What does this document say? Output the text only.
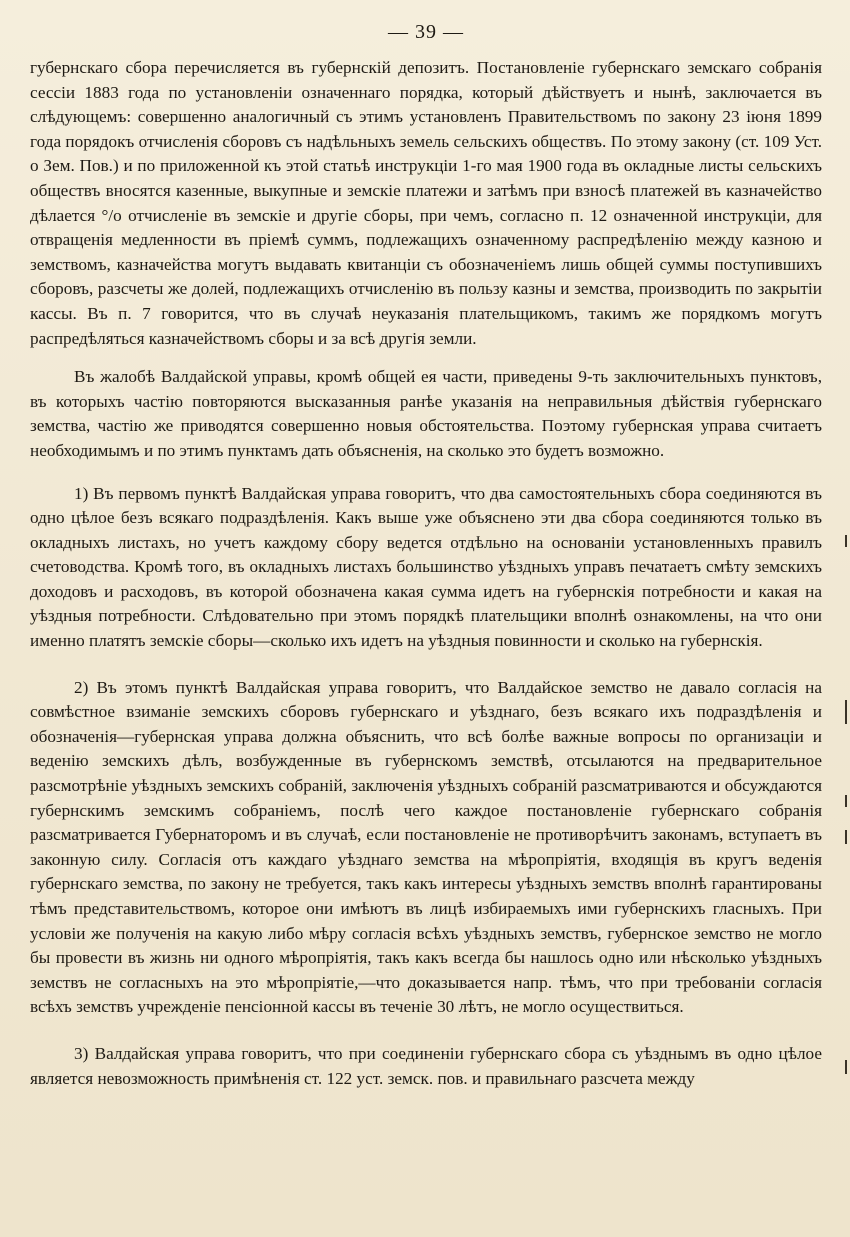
— 39 —

губернскаго сбора перечисляется въ губернскій депозитъ. Постановленіе губернскаго земскаго собранія сессіи 1883 года по установленіи означеннаго порядка, который дѣйствуетъ и нынѣ, заключается въ слѣдующемъ: совершенно аналогичный съ этимъ установленъ Правительствомъ по закону 23 іюня 1899 года порядокъ отчисленія сборовъ съ надѣльныхъ земель сельскихъ обществъ. По этому закону (ст. 109 Уст. о Зем. Пов.) и по приложенной къ этой статьѣ инструкціи 1-го мая 1900 года въ окладные листы сельскихъ обществъ вносятся казенные, выкупные и земскіе платежи и затѣмъ при взносѣ платежей въ казначейство дѣлается °/o отчисленіе въ земскіе и другіе сборы, при чемъ, согласно п. 12 означенной инструкціи, для отвращенія медленности въ пріемѣ суммъ, подлежащихъ означенному распредѣленію между казною и земствомъ, казначейства могутъ выдавать квитанціи съ обозначеніемъ лишь общей суммы поступившихъ сборовъ, разсчеты же долей, подлежащихъ отчисленію въ пользу казны и земства, производить по закрытіи кассы. Въ п. 7 говорится, что въ случаѣ неуказанія плательщикомъ, такимъ же порядкомъ могутъ распредѣляться казначействомъ сборы и за всѣ другія земли.

Въ жалобѣ Валдайской управы, кромѣ общей ея части, приведены 9-ть заключительныхъ пунктовъ, въ которыхъ частію повторяются высказанныя ранѣе указанія на неправильныя дѣйствія губернскаго земства, частію же приводятся совершенно новыя обстоятельства. Поэтому губернская управа считаетъ необходимымъ и по этимъ пунктамъ дать объясненія, на сколько это будетъ возможно.

1) Въ первомъ пунктѣ Валдайская управа говоритъ, что два самостоятельныхъ сбора соединяются въ одно цѣлое безъ всякаго подраздѣленія. Какъ выше уже объяснено эти два сбора соединяются только въ окладныхъ листахъ, но учетъ каждому сбору ведется отдѣльно на основаніи установленныхъ правилъ счетоводства. Кромѣ того, въ окладныхъ листахъ большинство уѣздныхъ управъ печатаетъ смѣту земскихъ доходовъ и расходовъ, въ которой обозначена какая сумма идетъ на губернскія потребности и какая на уѣздныя потребности. Слѣдовательно при этомъ порядкѣ плательщики вполнѣ ознакомлены, на что они именно платятъ земскіе сборы—сколько ихъ идетъ на уѣздныя повинности и сколько на губернскія.

2) Въ этомъ пунктѣ Валдайская управа говоритъ, что Валдайское земство не давало согласія на совмѣстное взиманіе земскихъ сборовъ губернскаго и уѣзднаго, безъ всякаго ихъ подраздѣленія и обозначенія—губернская управа должна объяснить, что всѣ болѣе важные вопросы по организаціи и веденію земскихъ дѣлъ, возбужденные въ губернскомъ земствѣ, отсылаются на предварительное разсмотрѣніе уѣздныхъ земскихъ собраній, заключенія уѣздныхъ собраній разсматриваются и обсуждаются губернскимъ земскимъ собраніемъ, послѣ чего каждое постановленіе губернскаго собранія разсматривается Губернаторомъ и въ случаѣ, если постановленіе не противорѣчитъ законамъ, вступаетъ въ законную силу. Согласія отъ каждаго уѣзднаго земства на мѣропріятія, входящія въ кругъ веденія губернскаго земства, по закону не требуется, такъ какъ интересы уѣздныхъ земствъ вполнѣ гарантированы тѣмъ представительствомъ, которое они имѣютъ въ лицѣ избираемыхъ ими губернскихъ гласныхъ. При условіи же полученія на какую либо мѣру согласія всѣхъ уѣздныхъ земствъ, губернское земство не могло бы провести въ жизнь ни одного мѣропріятія, такъ какъ всегда бы нашлось одно или нѣсколько уѣздныхъ земствъ не согласныхъ на это мѣропріятіе,—что доказывается напр. тѣмъ, что при требованіи согласія всѣхъ земствъ учрежденіе пенсіонной кассы въ теченіе 30 лѣтъ, не могло осуществиться.

3) Валдайская управа говоритъ, что при соединеніи губернскаго сбора съ уѣзднымъ въ одно цѣлое является невозможность примѣненія ст. 122 уст. земск. пов. и правильнаго разсчета между
